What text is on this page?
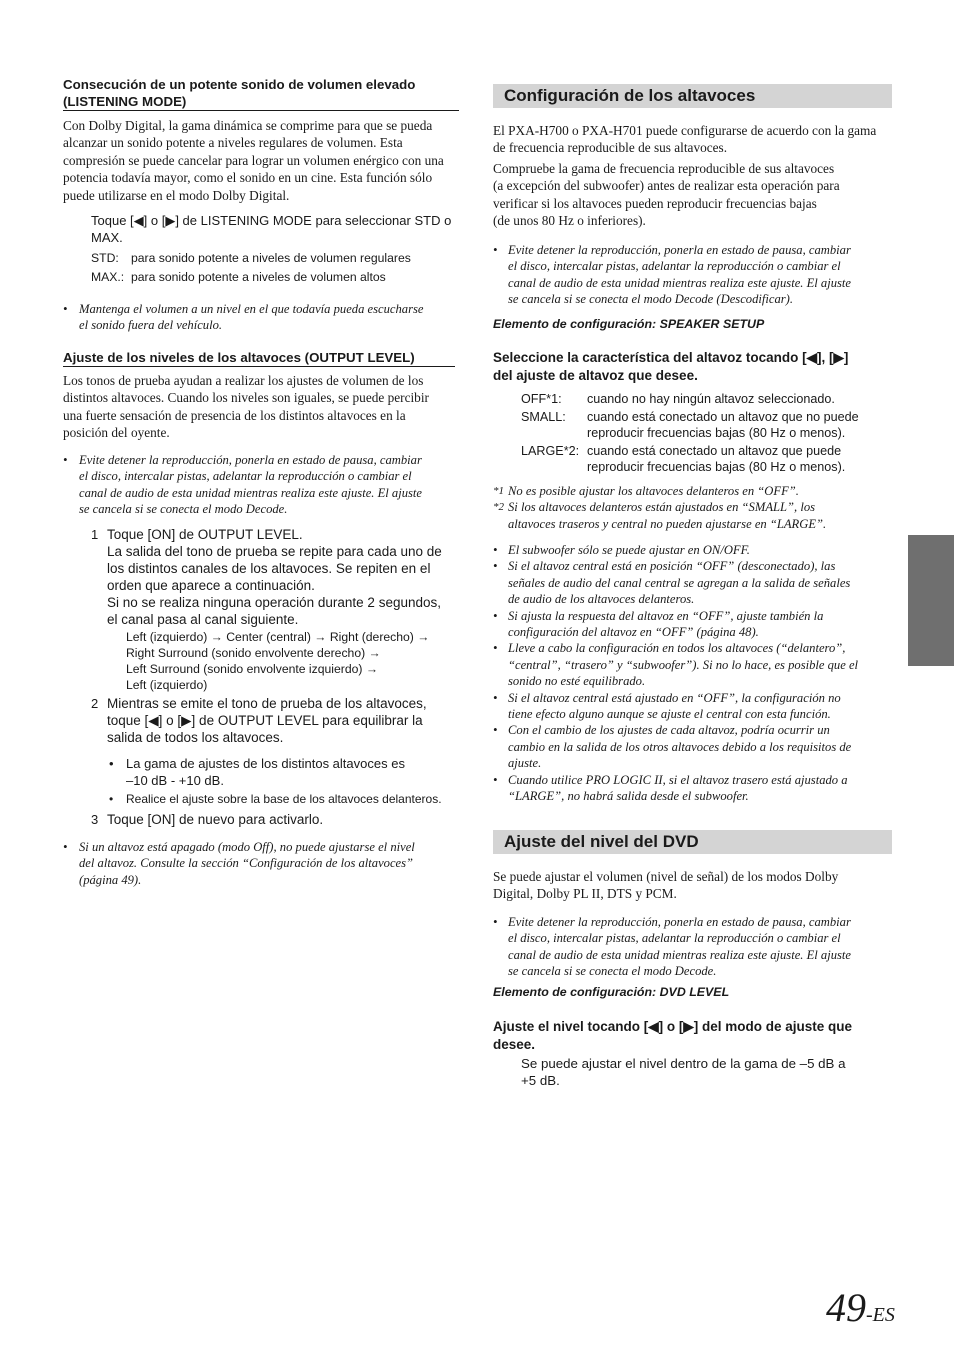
Consecución de un potente sonido de volumen elevado
(LISTENING MODE)
Con Dolby Digital, la gama dinámica se comprime para que se pueda
alcanzar un sonido potente a niveles regulares de volumen. Esta
compresión se puede cancelar para lograr un volumen enérgico con una
potencia todavía mayor, como el sonido en un cine. Esta función sólo
puede utilizarse en el modo Dolby Digital.
Toque [◀] o [▶] de LISTENING MODE para seleccionar STD o
MAX.
STD: para sonido potente a niveles de volumen regulares
MAX.: para sonido potente a niveles de volumen altos
• Mantenga el volumen a un nivel en el que todavía pueda escucharse
el sonido fuera del vehículo.
Ajuste de los niveles de los altavoces (OUTPUT LEVEL)
Los tonos de prueba ayudan a realizar los ajustes de volumen de los
distintos altavoces. Cuando los niveles son iguales, se puede percibir
una fuerte sensación de presencia de los distintos altavoces en la
posición del oyente.
• Evite detener la reproducción, ponerla en estado de pausa, cambiar
el disco, intercalar pistas, adelantar la reproducción o cambiar el
canal de audio de esta unidad mientras realiza este ajuste. El ajuste
se cancela si se conecta el modo Decode.
1 Toque [ON] de OUTPUT LEVEL.
La salida del tono de prueba se repite para cada uno de
los distintos canales de los altavoces. Se repiten en el
orden que aparece a continuación.
Si no se realiza ninguna operación durante 2 segundos,
el canal pasa al canal siguiente.
Left (izquierdo) → Center (central) → Right (derecho) →
Right Surround (sonido envolvente derecho) →
Left Surround (sonido envolvente izquierdo) →
Left (izquierdo)
2 Mientras se emite el tono de prueba de los altavoces,
toque [◀] o [▶] de OUTPUT LEVEL para equilibrar la
salida de todos los altavoces.
• La gama de ajustes de los distintos altavoces es
–10 dB - +10 dB.
• Realice el ajuste sobre la base de los altavoces delanteros.
3 Toque [ON] de nuevo para activarlo.
• Si un altavoz está apagado (modo Off), no puede ajustarse el nivel
del altavoz. Consulte la sección “Configuración de los altavoces”
(página 49).
Configuración de los altavoces
El PXA-H700 o PXA-H701 puede configurarse de acuerdo con la gama
de frecuencia reproducible de sus altavoces.
Compruebe la gama de frecuencia reproducible de sus altavoces
(a excepción del subwoofer) antes de realizar esta operación para
verificar si los altavoces pueden reproducir frecuencias bajas
(de unos 80 Hz o inferiores).
• Evite detener la reproducción, ponerla en estado de pausa, cambiar
el disco, intercalar pistas, adelantar la reproducción o cambiar el
canal de audio de esta unidad mientras realiza este ajuste. El ajuste
se cancela si se conecta el modo Decode (Descodificar).
Elemento de configuración: SPEAKER SETUP
Seleccione la característica del altavoz tocando [◀], [▶]
del ajuste de altavoz que desee.
OFF*1: cuando no hay ningún altavoz seleccionado.
SMALL: cuando está conectado un altavoz que no puede
reproducir frecuencias bajas (80 Hz o menos).
LARGE*2: cuando está conectado un altavoz que puede
reproducir frecuencias bajas (80 Hz o menos).
*1 No es posible ajustar los altavoces delanteros en “OFF”.
*2 Si los altavoces delanteros están ajustados en “SMALL”, los
altavoces traseros y central no pueden ajustarse en “LARGE”.
• El subwoofer sólo se puede ajustar en ON/OFF.
• Si el altavoz central está en posición “OFF” (desconectado), las
señales de audio del canal central se agregan a la salida de señales
de audio de los altavoces delanteros.
• Si ajusta la respuesta del altavoz en “OFF”, ajuste también la
configuración del altavoz en “OFF” (página 48).
• Lleve a cabo la configuración en todos los altavoces (“delantero”,
“central”, “trasero” y “subwoofer”). Si no lo hace, es posible que el
sonido no esté equilibrado.
• Si el altavoz central está ajustado en “OFF”, la configuración no
tiene efecto alguno aunque se ajuste el central con esta función.
• Con el cambio de los ajustes de cada altavoz, podría ocurrir un
cambio en la salida de los otros altavoces debido a los requisitos de
ajuste.
• Cuando utilice PRO LOGIC II, si el altavoz trasero está ajustado a
“LARGE”, no habrá salida desde el subwoofer.
Ajuste del nivel del DVD
Se puede ajustar el volumen (nivel de señal) de los modos Dolby
Digital, Dolby PL II, DTS y PCM.
• Evite detener la reproducción, ponerla en estado de pausa, cambiar
el disco, intercalar pistas, adelantar la reproducción o cambiar el
canal de audio de esta unidad mientras realiza este ajuste. El ajuste
se cancela si se conecta el modo Decode.
Elemento de configuración: DVD LEVEL
Ajuste el nivel tocando [◀] o [▶] del modo de ajuste que
desee.
Se puede ajustar el nivel dentro de la gama de –5 dB a
+5 dB.
49-ES
